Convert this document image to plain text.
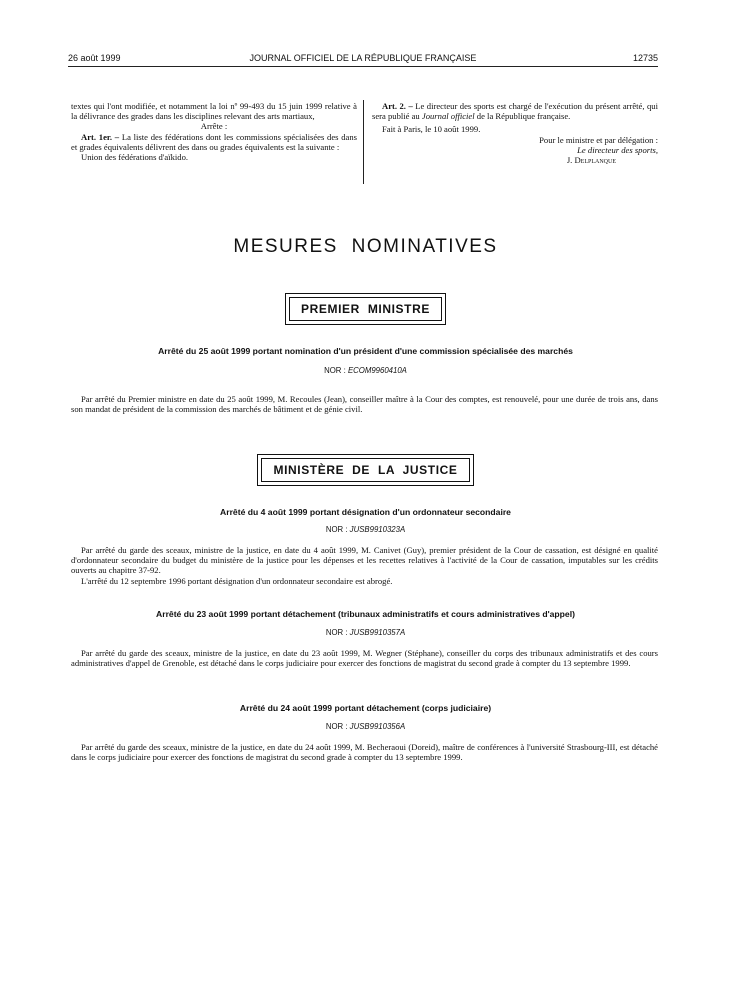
26 août 1999	JOURNAL OFFICIEL DE LA RÉPUBLIQUE FRANÇAISE	12735

textes qui l'ont modifiée, et notamment la loi nº 99-493 du 15 juin 1999 relative à la délivrance des grades dans les disciplines relevant des arts martiaux,

Arrête :

Art. 1er. – La liste des fédérations dont les commissions spécialisées des dans et grades équivalents délivrent des dans ou grades équivalents est la suivante :

Union des fédérations d'aïkido.

Art. 2. – Le directeur des sports est chargé de l'exécution du présent arrêté, qui sera publié au Journal officiel de la République française.

Fait à Paris, le 10 août 1999.

Pour le ministre et par délégation :

Le directeur des sports,

J. Delplanque

MESURES NOMINATIVES
PREMIER MINISTRE
Arrêté du 25 août 1999 portant nomination d'un président d'une commission spécialisée des marchés
NOR : ECOM9960410A

Par arrêté du Premier ministre en date du 25 août 1999, M. Recoules (Jean), conseiller maître à la Cour des comptes, est renouvelé, pour une durée de trois ans, dans son mandat de président de la commission des marchés de bâtiment et de génie civil.

MINISTÈRE DE LA JUSTICE
Arrêté du 4 août 1999 portant désignation d'un ordonnateur secondaire
NOR : JUSB9910323A

Par arrêté du garde des sceaux, ministre de la justice, en date du 4 août 1999, M. Canivet (Guy), premier président de la Cour de cassation, est désigné en qualité d'ordonnateur secondaire du budget du ministère de la justice pour les dépenses et les recettes relatives à l'activité de la Cour de cassation, imputables sur les crédits ouverts au chapitre 37-92.

L'arrêté du 12 septembre 1996 portant désignation d'un ordonnateur secondaire est abrogé.

Arrêté du 23 août 1999 portant détachement (tribunaux administratifs et cours administratives d'appel)
NOR : JUSB9910357A

Par arrêté du garde des sceaux, ministre de la justice, en date du 23 août 1999, M. Wegner (Stéphane), conseiller du corps des tribunaux administratifs et des cours administratives d'appel de Grenoble, est détaché dans le corps judiciaire pour exercer des fonctions de magistrat du second grade à compter du 13 septembre 1999.

Arrêté du 24 août 1999 portant détachement (corps judiciaire)
NOR : JUSB9910356A

Par arrêté du garde des sceaux, ministre de la justice, en date du 24 août 1999, M. Becheraoui (Doreid), maître de conférences à l'université Strasbourg-III, est détaché dans le corps judiciaire pour exercer des fonctions de magistrat du second grade à compter du 13 septembre 1999.
